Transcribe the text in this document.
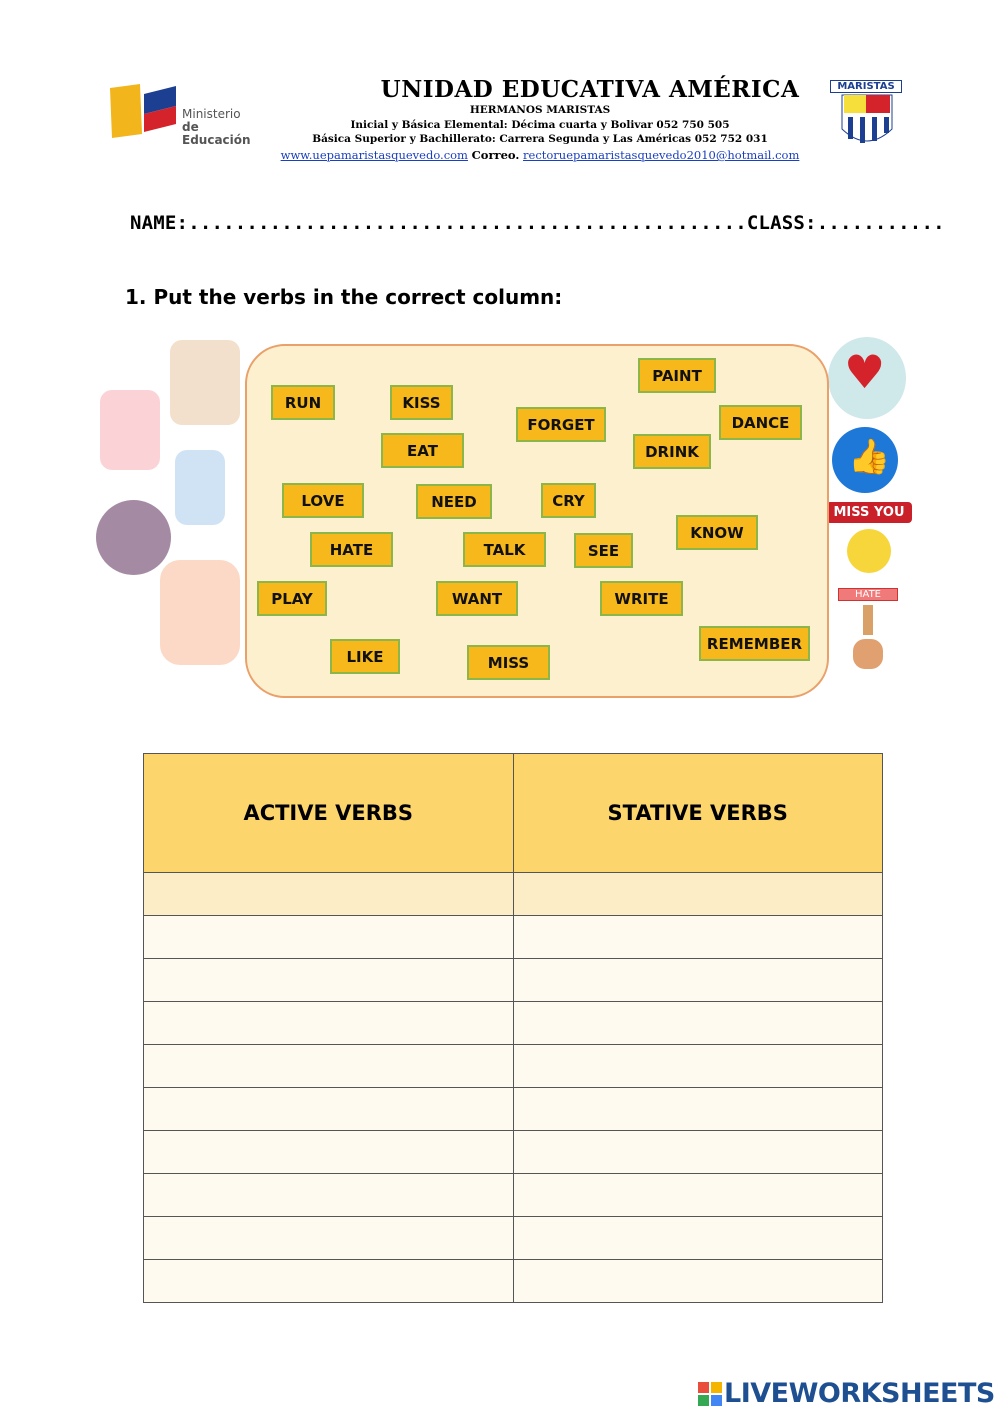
Ministerio
de Educación
UNIDAD EDUCATIVA AMÉRICA
HERMANOS MARISTAS
Inicial y Básica Elemental: Décima cuarta y Bolivar 052 750 505
Básica Superior y Bachillerato: Carrera Segunda y Las Américas 052 752 031
www.uepamaristasquevedo.com Correo. rectoruepamaristasquevedo2010@hotmail.com
MARISTAS
NAME:................................................CLASS:...........
1. Put the verbs in the correct column:
♥
👍
MISS YOU
HATE
RUN	KISS
PAINT
FORGET	DANCE
EAT	DRINK
LOVE	NEED	CRY
KNOW
HATE	TALK	SEE
PLAY	WANT	WRITE
REMEMBER
LIKE	MISS
ACTIVE VERBS	STATIVE VERBS

LIVEWORKSHEETS
